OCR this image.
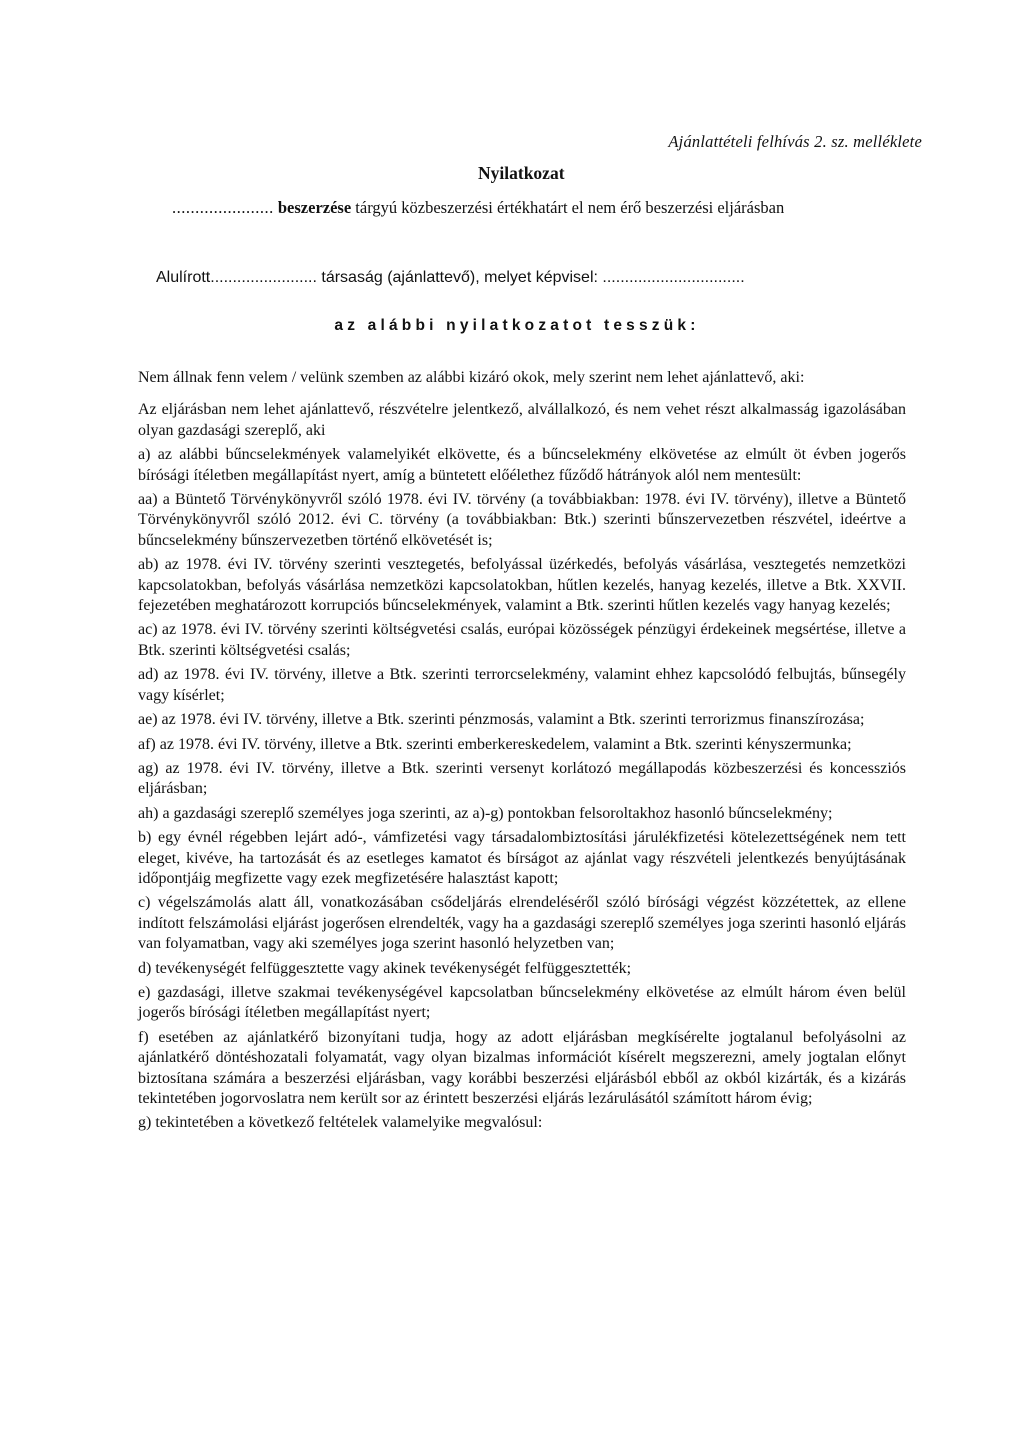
Ajánlattételi felhívás 2. sz. melléklete
Nyilatkozat
...................... beszerzése tárgyú közbeszerzési értékhatárt el nem érő beszerzési eljárásban
Alulírott........................ társaság (ajánlattevő), melyet képvisel: ................................
az alábbi nyilatkozatot tesszük:

Nem állnak fenn velem / velünk szemben az alábbi kizáró okok, mely szerint nem lehet ajánlattevő, aki:

Az eljárásban nem lehet ajánlattevő, részvételre jelentkező, alvállalkozó, és nem vehet részt alkalmasság igazolásában olyan gazdasági szereplő, aki

a) az alábbi bűncselekmények valamelyikét elkövette, és a bűncselekmény elkövetése az elmúlt öt évben jogerős bírósági ítéletben megállapítást nyert, amíg a büntetett előélethez fűződő hátrányok alól nem mentesült:

aa) a Büntető Törvénykönyvről szóló 1978. évi IV. törvény (a továbbiakban: 1978. évi IV. törvény), illetve a Büntető Törvénykönyvről szóló 2012. évi C. törvény (a továbbiakban: Btk.) szerinti bűnszervezetben részvétel, ideértve a bűncselekmény bűnszervezetben történő elkövetését is;

ab) az 1978. évi IV. törvény szerinti vesztegetés, befolyással üzérkedés, befolyás vásárlása, vesztegetés nemzetközi kapcsolatokban, befolyás vásárlása nemzetközi kapcsolatokban, hűtlen kezelés, hanyag kezelés, illetve a Btk. XXVII. fejezetében meghatározott korrupciós bűncselekmények, valamint a Btk. szerinti hűtlen kezelés vagy hanyag kezelés;

ac) az 1978. évi IV. törvény szerinti költségvetési csalás, európai közösségek pénzügyi érdekeinek megsértése, illetve a Btk. szerinti költségvetési csalás;

ad) az 1978. évi IV. törvény, illetve a Btk. szerinti terrorcselekmény, valamint ehhez kapcsolódó felbujtás, bűnsegély vagy kísérlet;

ae) az 1978. évi IV. törvény, illetve a Btk. szerinti pénzmosás, valamint a Btk. szerinti terrorizmus finanszírozása;

af) az 1978. évi IV. törvény, illetve a Btk. szerinti emberkereskedelem, valamint a Btk. szerinti kényszermunka;

ag) az 1978. évi IV. törvény, illetve a Btk. szerinti versenyt korlátozó megállapodás közbeszerzési és koncessziós eljárásban;

ah) a gazdasági szereplő személyes joga szerinti, az a)-g) pontokban felsoroltakhoz hasonló bűncselekmény;

b) egy évnél régebben lejárt adó-, vámfizetési vagy társadalombiztosítási járulékfizetési kötelezettségének nem tett eleget, kivéve, ha tartozását és az esetleges kamatot és bírságot az ajánlat vagy részvételi jelentkezés benyújtásának időpontjáig megfizette vagy ezek megfizetésére halasztást kapott;

c) végelszámolás alatt áll, vonatkozásában csődeljárás elrendeléséről szóló bírósági végzést közzétettek, az ellene indított felszámolási eljárást jogerősen elrendelték, vagy ha a gazdasági szereplő személyes joga szerinti hasonló eljárás van folyamatban, vagy aki személyes joga szerint hasonló helyzetben van;

d) tevékenységét felfüggesztette vagy akinek tevékenységét felfüggesztették;

e) gazdasági, illetve szakmai tevékenységével kapcsolatban bűncselekmény elkövetése az elmúlt három éven belül jogerős bírósági ítéletben megállapítást nyert;

f) esetében az ajánlatkérő bizonyítani tudja, hogy az adott eljárásban megkísérelte jogtalanul befolyásolni az ajánlatkérő döntéshozatali folyamatát, vagy olyan bizalmas információt kísérelt megszerezni, amely jogtalan előnyt biztosítana számára a beszerzési eljárásban, vagy korábbi beszerzési eljárásból ebből az okból kizárták, és a kizárás tekintetében jogorvoslatra nem került sor az érintett beszerzési eljárás lezárulásától számított három évig;

g) tekintetében a következő feltételek valamelyike megvalósul:
